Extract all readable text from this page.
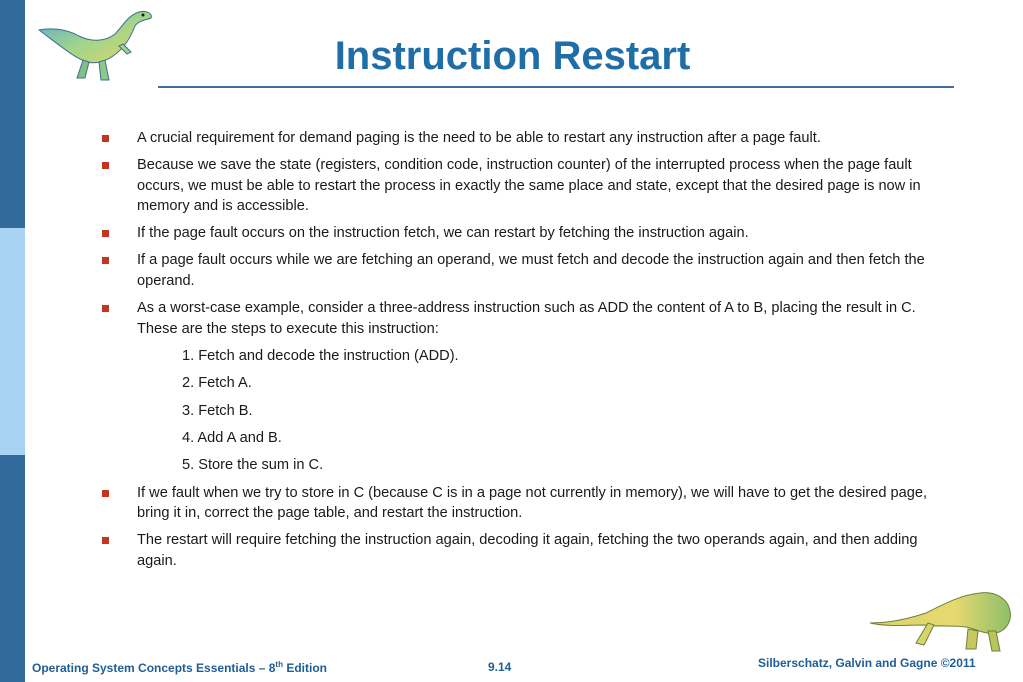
Instruction Restart
A crucial requirement for demand paging is the need to be able to restart any instruction after a page fault.
Because we save the state (registers, condition code, instruction counter) of the interrupted process when the page fault occurs, we must be able to restart the process in exactly the same place and state, except that the desired page is now in memory and is accessible.
If the page fault occurs on the instruction fetch, we can restart by fetching the instruction again.
If a page fault occurs while we are fetching an operand, we must fetch and decode the instruction again and then fetch the operand.
As a worst-case example, consider a three-address instruction such as ADD the content of A to B, placing the result in C. These are the steps to execute this instruction:
1. Fetch and decode the instruction (ADD).
2. Fetch A.
3. Fetch B.
4. Add A and B.
5. Store the sum in C.
If we fault when we try to store in C (because C is in a page not currently in memory), we will have to get the desired page, bring it in, correct the page table, and restart the instruction.
The restart will require fetching the instruction again, decoding it again, fetching the two operands again, and then adding again.
Operating System Concepts Essentials – 8th Edition	9.14	Silberschatz, Galvin and Gagne ©2011
